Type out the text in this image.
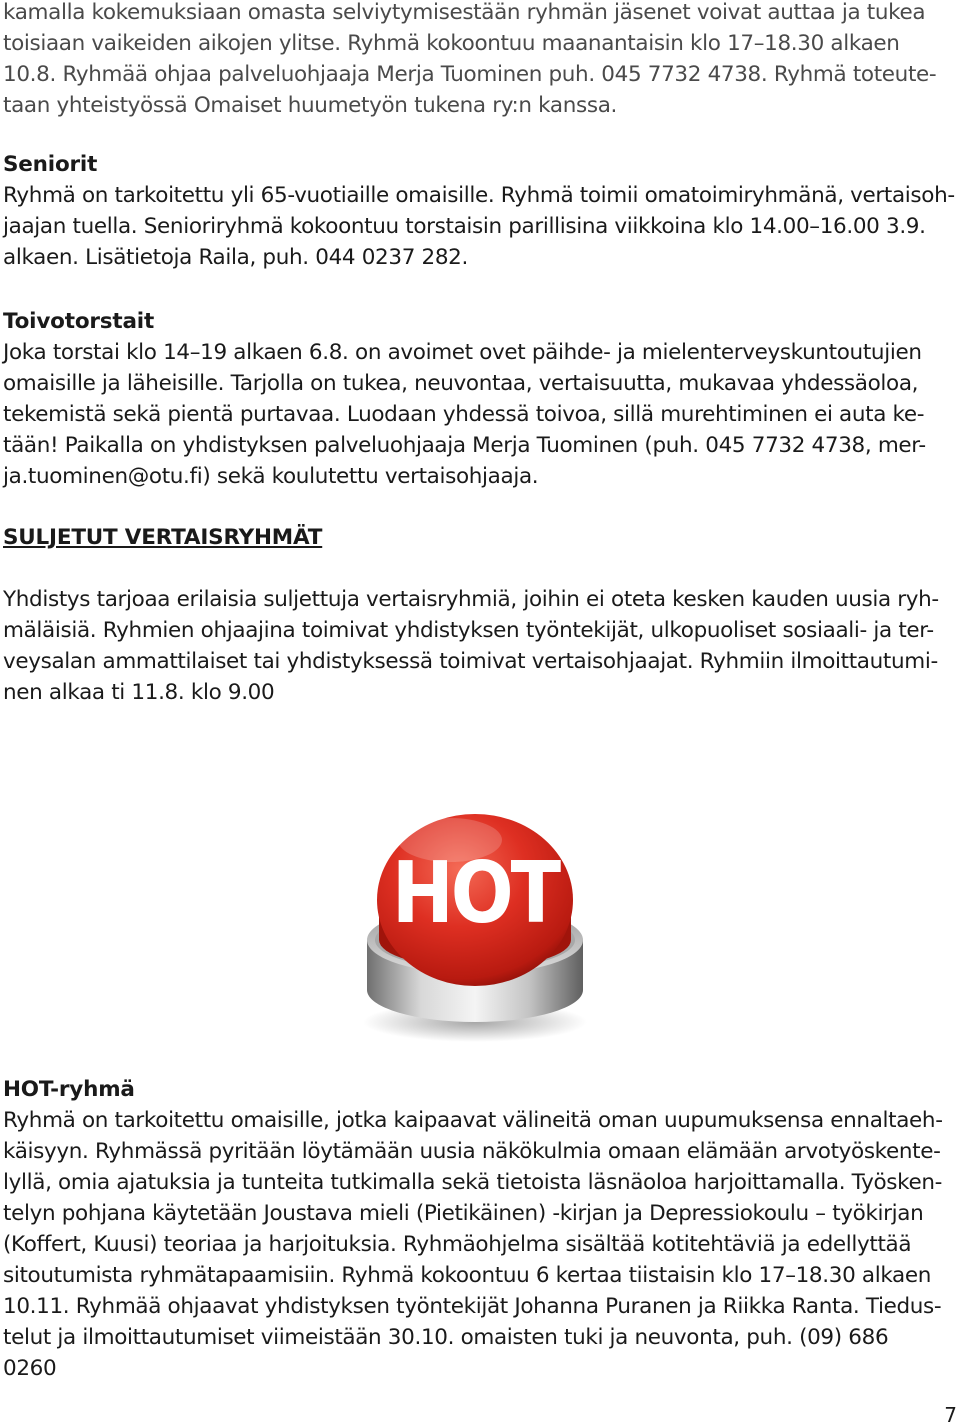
kamalla kokemuksiaan omasta selviytymisestään ryhmän jäsenet voivat auttaa ja tukea
toisiaan vaikeiden aikojen ylitse. Ryhmä kokoontuu maanantaisin klo 17–18.30 alkaen
10.8. Ryhmää ohjaa palveluohjaaja Merja Tuominen puh. 045 7732 4738. Ryhmä toteute-
taan yhteistyössä Omaiset huumetyön tukena ry:n kanssa.
Seniorit
Ryhmä on tarkoitettu yli 65-vuotiaille omaisille. Ryhmä toimii omatoimiryhmänä, vertaisoh-
jaajan tuella. Senioriryhmä kokoontuu torstaisin parillisina viikkoina klo 14.00–16.00 3.9.
alkaen. Lisätietoja Raila, puh. 044 0237 282.
Toivotorstait
Joka torstai klo 14–19 alkaen 6.8. on avoimet ovet päihde- ja mielenterveyskuntoutujien
omaisille ja läheisille. Tarjolla on tukea, neuvontaa, vertaisuutta, mukavaa yhdessäoloa,
tekemistä sekä pientä purtavaa. Luodaan yhdessä toivoa, sillä murehtiminen ei auta ke-
tään! Paikalla on yhdistyksen palveluohjaaja Merja Tuominen (puh. 045 7732 4738, mer-
ja.tuominen@otu.fi) sekä koulutettu vertaisohjaaja.
SULJETUT VERTAISRYHMÄT
Yhdistys tarjoaa erilaisia suljettuja vertaisryhmiä, joihin ei oteta kesken kauden uusia ryh-
mäläisiä. Ryhmien ohjaajina toimivat yhdistyksen työntekijät, ulkopuoliset sosiaali- ja ter-
veysalan ammattilaiset tai yhdistyksessä toimivat vertaisohjaajat. Ryhmiin ilmoittautumi-
nen alkaa ti 11.8. klo 9.00
HOT
HOT-ryhmä
Ryhmä on tarkoitettu omaisille, jotka kaipaavat välineitä oman uupumuksensa ennaltaeh-
käisyyn. Ryhmässä pyritään löytämään uusia näkökulmia omaan elämään arvotyöskente-
lyllä, omia ajatuksia ja tunteita tutkimalla sekä tietoista läsnäoloa harjoittamalla. Työsken-
telyn pohjana käytetään Joustava mieli (Pietikäinen) -kirjan ja Depressiokoulu – työkirjan
(Koffert, Kuusi) teoriaa ja harjoituksia. Ryhmäohjelma sisältää kotitehtäviä ja edellyttää
sitoutumista ryhmätapaamisiin. Ryhmä kokoontuu 6 kertaa tiistaisin klo 17–18.30 alkaen
10.11. Ryhmää ohjaavat yhdistyksen työntekijät Johanna Puranen ja Riikka Ranta. Tiedus-
telut ja ilmoittautumiset viimeistään 30.10. omaisten tuki ja neuvonta, puh. (09) 686
0260
7
